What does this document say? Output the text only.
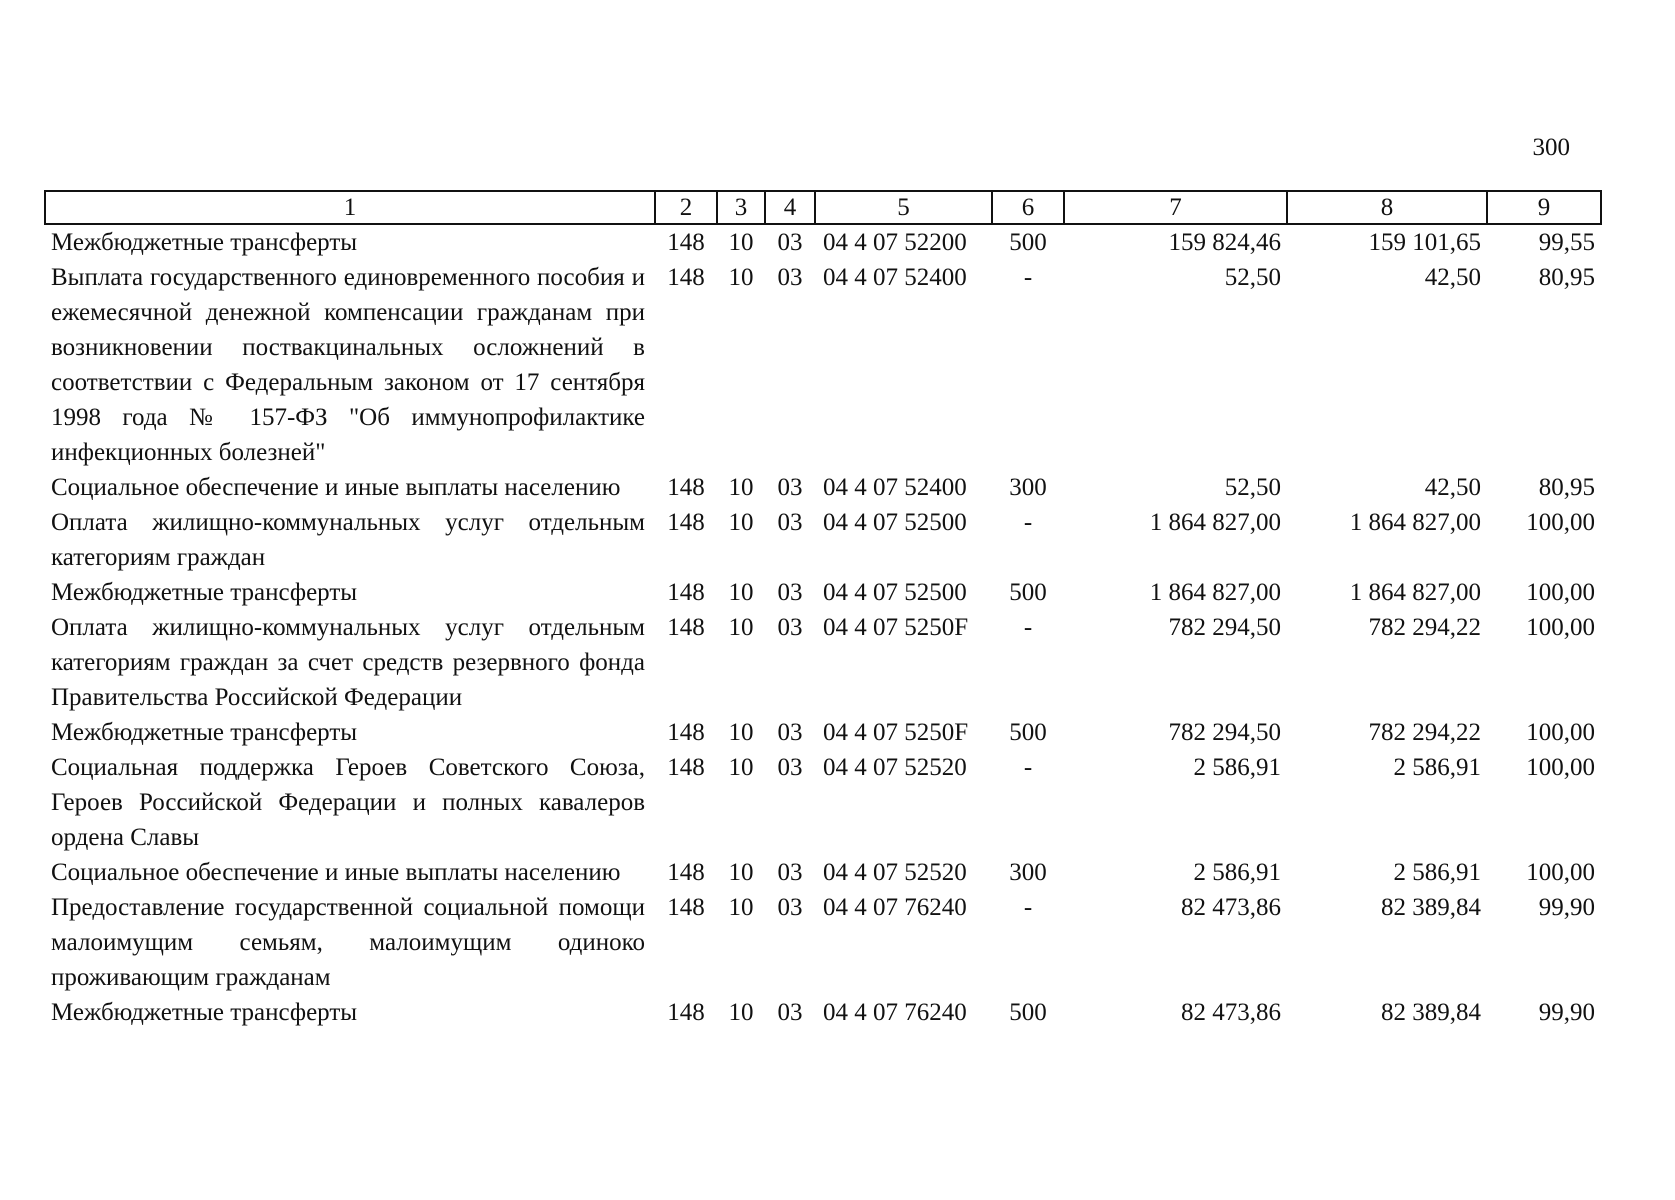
300
1	2	3	4	5	6	7	8	9
Межбюджетные трансферты	148	10	03	04 4 07 52200	500	159 824,46	159 101,65	99,55
Выплата государственного единовременного пособия и ежемесячной денежной компенсации гражданам при возникновении поствакцинальных осложнений в соответствии с Федеральным законом от 17 сентября 1998 года № 157-ФЗ "Об иммунопрофилактике инфекционных болезней"	148	10	03	04 4 07 52400	-	52,50	42,50	80,95
Социальное обеспечение и иные выплаты населению	148	10	03	04 4 07 52400	300	52,50	42,50	80,95
Оплата жилищно-коммунальных услуг отдельным категориям граждан	148	10	03	04 4 07 52500	-	1 864 827,00	1 864 827,00	100,00
Межбюджетные трансферты	148	10	03	04 4 07 52500	500	1 864 827,00	1 864 827,00	100,00
Оплата жилищно-коммунальных услуг отдельным категориям граждан за счет средств резервного фонда Правительства Российской Федерации	148	10	03	04 4 07 5250F	-	782 294,50	782 294,22	100,00
Межбюджетные трансферты	148	10	03	04 4 07 5250F	500	782 294,50	782 294,22	100,00
Социальная поддержка Героев Советского Союза, Героев Российской Федерации и полных кавалеров ордена Славы	148	10	03	04 4 07 52520	-	2 586,91	2 586,91	100,00
Социальное обеспечение и иные выплаты населению	148	10	03	04 4 07 52520	300	2 586,91	2 586,91	100,00
Предоставление государственной социальной помощи малоимущим семьям, малоимущим одиноко проживающим гражданам	148	10	03	04 4 07 76240	-	82 473,86	82 389,84	99,90
Межбюджетные трансферты	148	10	03	04 4 07 76240	500	82 473,86	82 389,84	99,90
